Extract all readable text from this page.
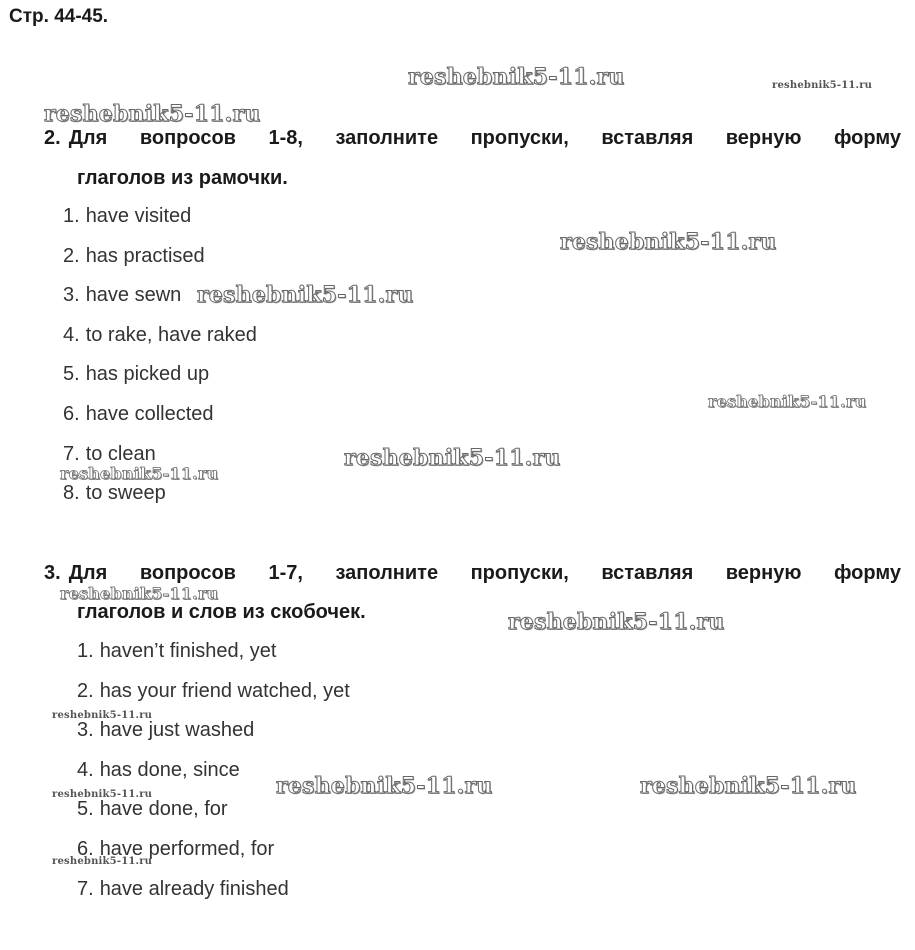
Стр. 44-45.
2. Для вопросов 1-8, заполните пропуски, вставляя верную форму
глаголов из рамочки.
1. have visited
2. has practised
3. have sewn
4. to rake, have raked
5. has picked up
6. have collected
7. to clean
8. to sweep
3. Для вопросов 1-7, заполните пропуски, вставляя верную форму
глаголов и слов из скобочек.
1. haven’t finished, yet
2. has your friend watched, yet
3. have just washed
4. has done, since
5. have done, for
6. have performed, for
7. have already finished
reshebnik5-11.ru	reshebnik5-11.ru
reshebnik5-11.ru
reshebnik5-11.ru
reshebnik5-11.ru
reshebnik5-11.ru
reshebnik5-11.ru
reshebnik5-11.ru
reshebnik5-11.ru
reshebnik5-11.ru
reshebnik5-11.ru
reshebnik5-11.ru	reshebnik5-11.ru
reshebnik5-11.ru
reshebnik5-11.ru
